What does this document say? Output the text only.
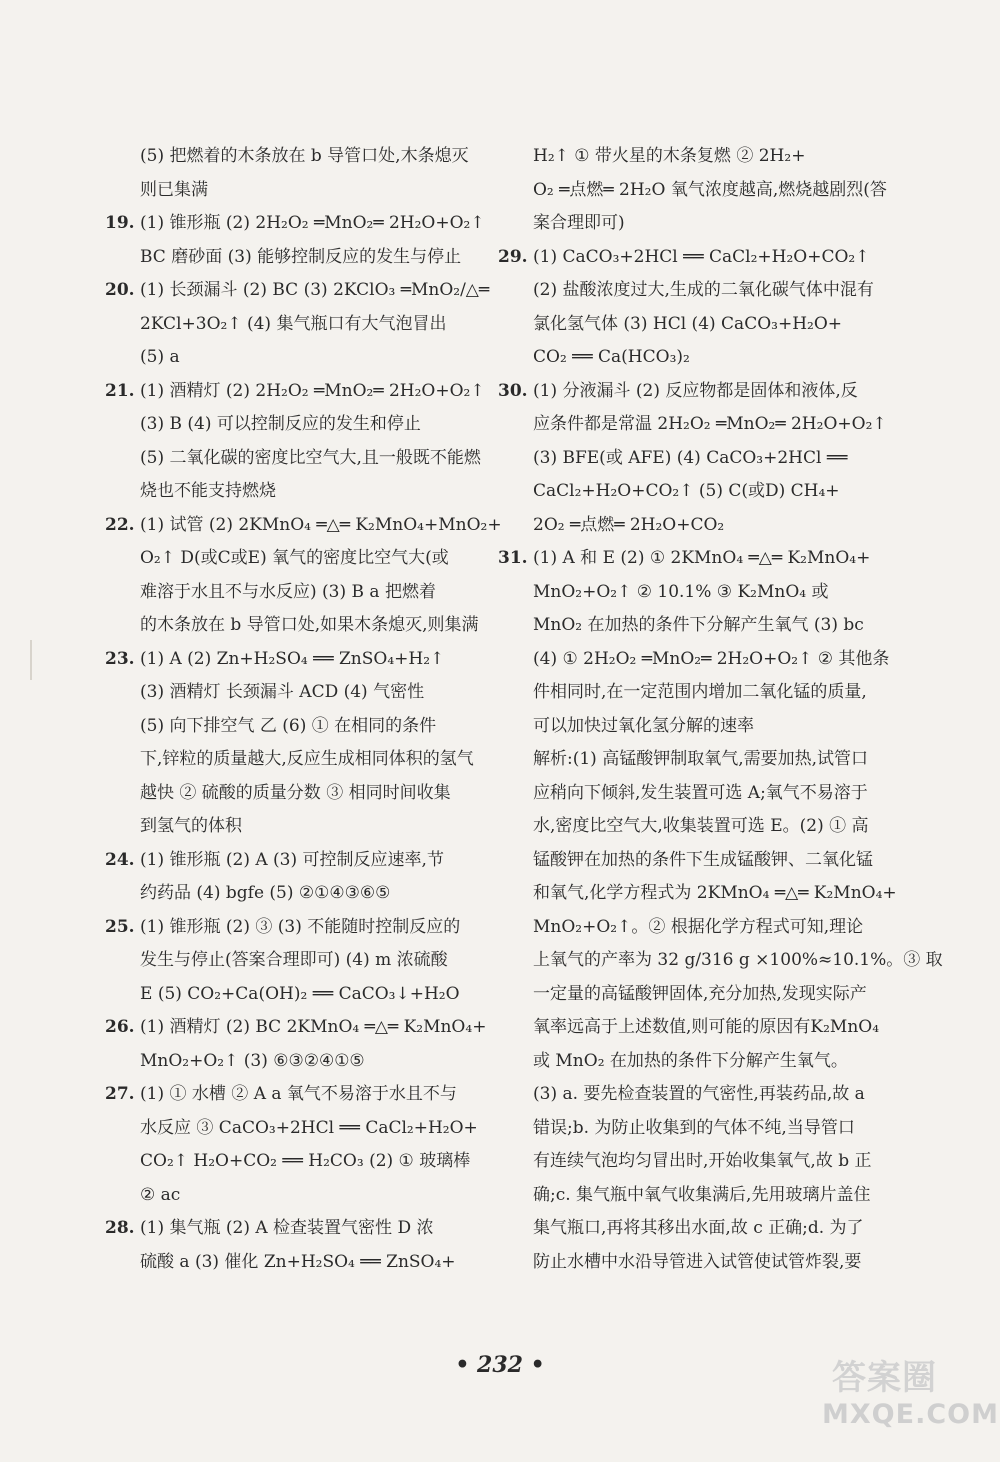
(5) 把燃着的木条放在 b 导管口处,木条熄灭
则已集满
19. (1) 锥形瓶 (2) 2H₂O₂ ═MnO₂═ 2H₂O+O₂↑
BC 磨砂面 (3) 能够控制反应的发生与停止
20. (1) 长颈漏斗 (2) BC (3) 2KClO₃ ═MnO₂/△═
2KCl+3O₂↑ (4) 集气瓶口有大气泡冒出
(5) a
21. (1) 酒精灯 (2) 2H₂O₂ ═MnO₂═ 2H₂O+O₂↑
(3) B (4) 可以控制反应的发生和停止
(5) 二氧化碳的密度比空气大,且一般既不能燃
烧也不能支持燃烧
22. (1) 试管 (2) 2KMnO₄ ═△═ K₂MnO₄+MnO₂+
O₂↑ D(或C或E) 氧气的密度比空气大(或
难溶于水且不与水反应) (3) B a 把燃着
的木条放在 b 导管口处,如果木条熄灭,则集满
23. (1) A (2) Zn+H₂SO₄ ══ ZnSO₄+H₂↑
(3) 酒精灯 长颈漏斗 ACD (4) 气密性
(5) 向下排空气 乙 (6) ① 在相同的条件
下,锌粒的质量越大,反应生成相同体积的氢气
越快 ② 硫酸的质量分数 ③ 相同时间收集
到氢气的体积
24. (1) 锥形瓶 (2) A (3) 可控制反应速率,节
约药品 (4) bgfe (5) ②①④③⑥⑤
25. (1) 锥形瓶 (2) ③ (3) 不能随时控制反应的
发生与停止(答案合理即可) (4) m 浓硫酸
E (5) CO₂+Ca(OH)₂ ══ CaCO₃↓+H₂O
26. (1) 酒精灯 (2) BC 2KMnO₄ ═△═ K₂MnO₄+
MnO₂+O₂↑ (3) ⑥③②④①⑤
27. (1) ① 水槽 ② A a 氧气不易溶于水且不与
水反应 ③ CaCO₃+2HCl ══ CaCl₂+H₂O+
CO₂↑ H₂O+CO₂ ══ H₂CO₃ (2) ① 玻璃棒
② ac
28. (1) 集气瓶 (2) A 检查装置气密性 D 浓
硫酸 a (3) 催化 Zn+H₂SO₄ ══ ZnSO₄+
H₂↑ ① 带火星的木条复燃 ② 2H₂+
O₂ ═点燃═ 2H₂O 氧气浓度越高,燃烧越剧烈(答
案合理即可)
29. (1) CaCO₃+2HCl ══ CaCl₂+H₂O+CO₂↑
(2) 盐酸浓度过大,生成的二氧化碳气体中混有
氯化氢气体 (3) HCl (4) CaCO₃+H₂O+
CO₂ ══ Ca(HCO₃)₂
30. (1) 分液漏斗 (2) 反应物都是固体和液体,反
应条件都是常温 2H₂O₂ ═MnO₂═ 2H₂O+O₂↑
(3) BFE(或 AFE) (4) CaCO₃+2HCl ══
CaCl₂+H₂O+CO₂↑ (5) C(或D) CH₄+
2O₂ ═点燃═ 2H₂O+CO₂
31. (1) A 和 E (2) ① 2KMnO₄ ═△═ K₂MnO₄+
MnO₂+O₂↑ ② 10.1% ③ K₂MnO₄ 或
MnO₂ 在加热的条件下分解产生氧气 (3) bc
(4) ① 2H₂O₂ ═MnO₂═ 2H₂O+O₂↑ ② 其他条
件相同时,在一定范围内增加二氧化锰的质量,
可以加快过氧化氢分解的速率
解析:(1) 高锰酸钾制取氧气,需要加热,试管口
应稍向下倾斜,发生装置可选 A;氧气不易溶于
水,密度比空气大,收集装置可选 E。(2) ① 高
锰酸钾在加热的条件下生成锰酸钾、二氧化锰
和氧气,化学方程式为 2KMnO₄ ═△═ K₂MnO₄+
MnO₂+O₂↑。② 根据化学方程式可知,理论
上氧气的产率为 32 g/316 g ×100%≈10.1%。③ 取
一定量的高锰酸钾固体,充分加热,发现实际产
氧率远高于上述数值,则可能的原因有K₂MnO₄
或 MnO₂ 在加热的条件下分解产生氧气。
(3) a. 要先检查装置的气密性,再装药品,故 a
错误;b. 为防止收集到的气体不纯,当导管口
有连续气泡均匀冒出时,开始收集氧气,故 b 正
确;c. 集气瓶中氧气收集满后,先用玻璃片盖住
集气瓶口,再将其移出水面,故 c 正确;d. 为了
防止水槽中水沿导管进入试管使试管炸裂,要
• 232 •	答案圈
MXQE.COM
